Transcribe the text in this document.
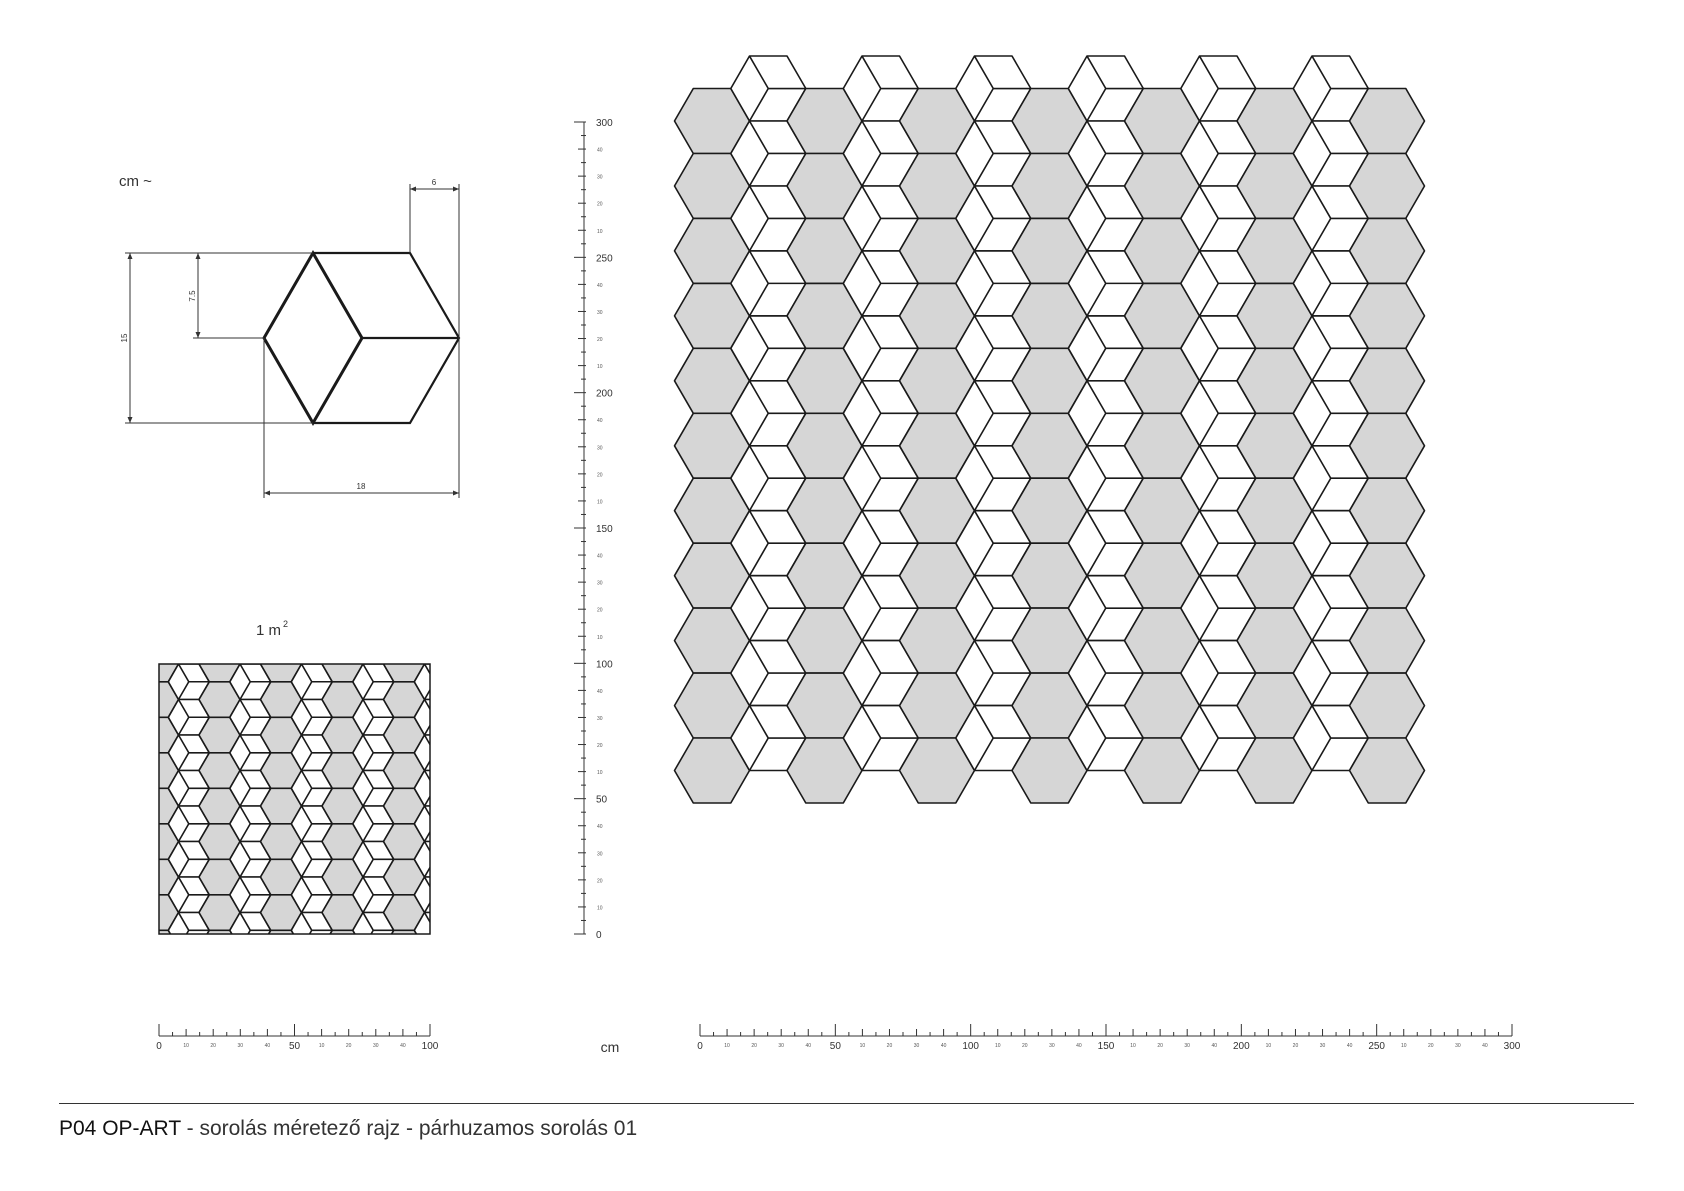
cm ~	6
18
15
7.5
1 m 2
0
10
20
30
40
50
10
20
30
40
100
10
20
30
40
150
10
20
30
40
200
10
20
30
40
250
10
20
30
40
300
0	10	20	30	40 50	10	20	30	40 100	0	10	20	30	40 50	10	20	30	40 100	10	20	30	40 150	10	20	30	40 200	10	20	30	40 250	10	20	30	40 300
cm
P04 OP-ART - sorolás méretező rajz - párhuzamos sorolás 01
